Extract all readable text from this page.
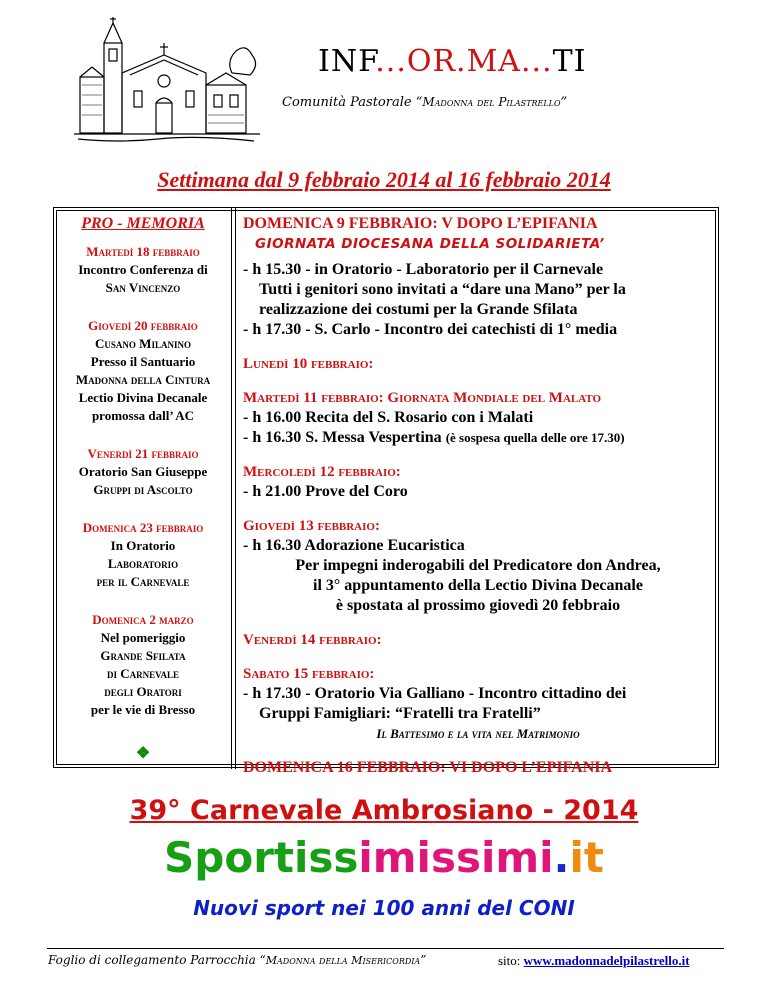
INF...OR.MA...TI
Comunità Pastorale “Madonna del Pilastrello”
Settimana dal 9 febbraio 2014 al 16 febbraio 2014
PRO - MEMORIA
Martedì 18 febbraio
Incontro Conferenza di
San Vincenzo
Giovedì 20 febbraio
Cusano Milanino
Presso il Santuario
Madonna della Cintura
Lectio Divina Decanale
promossa dall’ AC
Venerdì 21 febbraio
Oratorio San Giuseppe
Gruppi di Ascolto
Domenica 23 febbraio
In Oratorio
Laboratorio
per il Carnevale
Domenica 2 marzo
Nel pomeriggio
Grande Sfilata
di Carnevale
degli Oratori
per le vie di Bresso
❖
DOMENICA 9 FEBBRAIO: V DOPO L’EPIFANIA
GIORNATA DIOCESANA DELLA SOLIDARIETA’
- h 15.30 - in Oratorio - Laboratorio per il Carnevale
Tutti i genitori sono invitati a “dare una Mano” per la
realizzazione dei costumi per la Grande Sfilata
- h 17.30 - S. Carlo - Incontro dei catechisti di 1° media
Lunedì 10 febbraio:
Martedì 11 febbraio: Giornata Mondiale del Malato
- h 16.00 Recita del S. Rosario con i Malati
- h 16.30 S. Messa Vespertina (è sospesa quella delle ore 17.30)
Mercoledì 12 febbraio:
- h 21.00 Prove del Coro
Giovedì 13 febbraio:
- h 16.30 Adorazione Eucaristica
Per impegni inderogabili del Predicatore don Andrea,
il 3° appuntamento della Lectio Divina Decanale
è spostata al prossimo giovedì 20 febbraio
Venerdì 14 febbraio:
Sabato 15 febbraio:
- h 17.30 - Oratorio Via Galliano - Incontro cittadino dei
Gruppi Famigliari: “Fratelli tra Fratelli”
Il Battesimo e la vita nel Matrimonio
DOMENICA 16 FEBBRAIO: VI DOPO L’EPIFANIA
39° Carnevale Ambrosiano - 2014
Sportissimissimi.it
Nuovi sport nei 100 anni del CONI
Foglio di collegamento Parrocchia “Madonna della Misericordia”	sito: www.madonnadelpilastrello.it
